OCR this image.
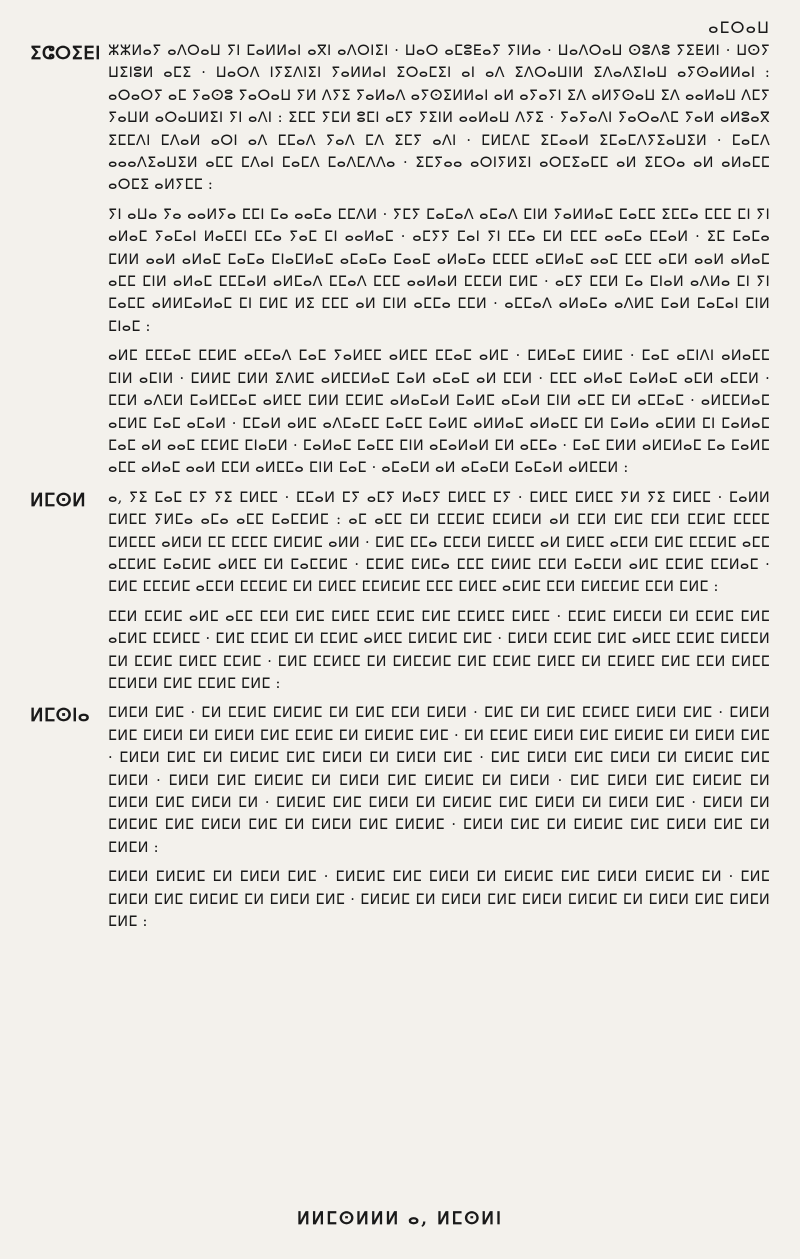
ⴰⵎⵔⴰⵡ
ⵉⵛⵔⵉⴹⵏ ⵣⵣⵍⴰⵢ ⴰⴷⵔⴰⵡ ⵢⵏ ⵎⴰⵍⵍⴰⵏ ⴰⴳⵏ ⴰⴷⵔⵏⵉⵏ · ⵡⴰⵔ ⴰⵎⵓⴹⴰⵢ ⵢⵏⵍⴰ · ⵡⴰⴷⵔⴰⵡ ⵙⵓⴷⵓ ⵢⵉⴹⵍⵏ · ⵡⵙⵢ ⵡⵉⵏⵓⵍ ⴰⵎⵉ · ⵡⴰⵔⴷ ⵏⵢⵉⴷⵏⵉⵏ ⵢⴰⵍⵍⴰⵏ ⵉⵔⴰⵎⵉⵏ ⴰⵏ ⴰⴷ ⵉⴷⵔⴰⵡⵏⵍ ⵉⴷⴰⴷⵉⵏⴰⵡ ⴰⵢⵙⴰⵍⵍⴰⵏ : ⴰⵔⴰⵔⵢ ⴰⵎ ⵢⴰⵙⵓ ⵢⴰⵔⴰⵡ ⵢⵍ ⴷⵢⵉ ⵢⴰⵍⴰⴷ ⴰⵢⵙⵉⵍⵍⴰⵏ ⴰⵍ ⴰⵢⴰⵢⵏ ⵉⴷ ⴰⵍⵢⵙⴰⵡ ⵉⴷ ⴰⴰⵍⴰⵡ ⴷⵎⵢ ⵢⴰⵡⵍ ⴰⵔⴰⵡⵍⵉⵏ ⵢⵏ ⴰⴷⵏ : ⵉⵎⵎ ⵢⵎⵍ ⵓⵎⵏ ⴰⵎⵢ ⵢⵉⵏⵍ ⴰⴰⵍⴰⵡ ⴷⵢⵉ · ⵢⴰⵢⴰⴷⵏ ⵢⴰⵔⴰⴷⵎ ⵢⴰⵍ ⴰⵍⵓⴰⴳ ⵉⵎⵎⴷⵏ ⵎⴷⴰⵍ ⴰⵔⵏ ⴰⴷ ⵎⵎⴰⴷ ⵢⴰⴷ ⵎⴷ ⵉⵎⵢ ⴰⴷⵏ · ⵎⵍⵎⴷⵎ ⵉⵎⴰⴰⵍ ⵉⵎⴰⵎⴷⵢⵉⴰⵡⵉⵍ · ⵎⴰⵎⴷ ⴰⴰⴰⴷⵉⴰⵡⵉⵍ ⴰⵎⵎ ⵎⴷⴰⵏ ⵎⴰⵎⴷ ⵎⴰⴷⵎⴷⴷⴰ · ⵉⵎⵢⴰⴰ ⴰⵔⵏⵢⵍⵉⵏ ⴰⵔⵎⵉⴰⵎⵎ ⴰⵍ ⵉⵎⵔⴰ ⴰⵍ ⴰⵍⴰⵎⵎ ⴰⵔⵎⵉ ⴰⵍⵢⵎⵎ :

ⵢⵏ ⴰⵡⴰ ⵢⴰ ⴰⴰⵍⵢⴰ ⵎⵎⵏ ⵎⴰ ⴰⴰⵎⴰ ⵎⵎⴷⵍ · ⵢⵎⵢ ⵎⴰⵎⴰⴷ ⴰⵎⴰⴷ ⵎⵏⵍ ⵢⴰⵍⵍⴰⵎ ⵎⴰⵎⵎ ⵉⵎⵎⴰ ⵎⵎⵎ ⵎⵏ ⵢⵏ ⴰⵍⴰⵎ ⵢⴰⵎⴰⵏ ⵍⴰⵎⵎⵏ ⵎⵎⴰ ⵢⴰⵎ ⵎⵏ ⴰⴰⵍⴰⵎ · ⴰⵎⵢⵢ ⵎⴰⵏ ⵢⵏ ⵎⵎⴰ ⵎⵍ ⵎⵎⵎ ⴰⴰⵎⴰ ⵎⵎⴰⵍ · ⵉⵎ ⵎⴰⵎⴰ ⵎⵍⵍ ⴰⴰⵍ ⴰⵍⴰⵎ ⵎⴰⵎⴰ ⵎⵏⴰⵎⵍⴰⵎ ⴰⵎⴰⵎⴰ ⵎⴰⴰⵎ ⴰⵍⴰⵎⴰ ⵎⵎⵎⵎ ⴰⵎⵍⴰⵎ ⴰⴰⵎ ⵎⵎⵎ ⴰⵎⵍ ⴰⴰⵍ ⴰⵍⴰⵎ ⴰⵎⵎ ⵎⵏⵍ ⴰⵍⴰⵎ ⵎⵎⵎⴰⵍ ⴰⵍⵎⴰⴷ ⵎⵎⴰⴷ ⵎⵎⵎ ⴰⴰⵍⴰⵍ ⵎⵎⵎⵍ ⵎⵍⵎ · ⴰⵎⵢ ⵎⵎⵍ ⵎⴰ ⵎⵏⴰⵍ ⴰⴷⵍⴰ ⵎⵏ ⵢⵏ ⵎⴰⵎⵎ ⴰⵍⵍⵎⴰⵍⴰⵎ ⵎⵏ ⵎⵍⵎ ⵍⵉ ⵎⵎⵎ ⴰⵍ ⵎⵏⵍ ⴰⵎⵎⴰ ⵎⵎⵍ · ⴰⵎⵎⴰⴷ ⴰⵍⴰⵎⴰ ⴰⴷⵍⵎ ⵎⴰⵍ ⵎⴰⵎⴰⵏ ⵎⵏⵍ ⵎⵏⴰⵎ :

ⴰⵍⵎ ⵎⵎⵎⴰⵎ ⵎⵎⵍⵎ ⴰⵎⵎⴰⴷ ⵎⴰⵎ ⵢⴰⵍⵎⵎ ⴰⵍⵎⵎ ⵎⵎⴰⵎ ⴰⵍⵎ · ⵎⵍⵎⴰⵎ ⵎⵍⵍⵎ · ⵎⴰⵎ ⴰⵎⵏⴷⵏ ⴰⵍⴰⵎⵎ ⵎⵏⵍ ⴰⵎⵏⵍ · ⵎⵍⵍⵎ ⵎⵍⵍ ⵉⴷⵍⵎ ⴰⵍⵎⵎⵍⴰⵎ ⵎⴰⵍ ⴰⵎⴰⵎ ⴰⵍ ⵎⵎⵍ · ⵎⵎⵎ ⴰⵍⴰⵎ ⵎⴰⵍⴰⵎ ⴰⵎⵍ ⴰⵎⵎⵍ · ⵎⵎⵍ ⴰⴷⵎⵍ ⵎⴰⵍⵎⵎⴰⵎ ⴰⵍⵎⵎ ⵎⵍⵍ ⵎⵎⵍⵎ ⴰⵍⴰⵎⴰⵍ ⵎⴰⵍⵎ ⴰⵎⴰⵍ ⵎⵏⵍ ⴰⵎⵎ ⵎⵍ ⴰⵎⵎⴰⵎ · ⴰⵍⵎⵎⵍⴰⵎ ⴰⵎⵍⵎ ⵎⴰⵎ ⴰⵎⴰⵍ · ⵎⵎⴰⵍ ⴰⵍⵎ ⴰⴷⵎⴰⵎⵎ ⵎⴰⵎⵎ ⵎⴰⵍⵎ ⴰⵍⵍⴰⵎ ⴰⵍⴰⵎⵎ ⵎⵍ ⵎⴰⵍⴰ ⴰⵎⵍⵍ ⵎⵏ ⵎⴰⵍⴰⵎ ⵎⴰⵎ ⴰⵍ ⴰⴰⵎ ⵎⵎⵍⵎ ⵎⵏⴰⵎⵍ · ⵎⴰⵍⴰⵎ ⵎⴰⵎⵎ ⵎⵏⵍ ⴰⵎⴰⵍⴰⵍ ⵎⵍ ⴰⵎⵎⴰ · ⵎⴰⵎ ⵎⵍⵍ ⴰⵍⵎⵍⴰⵎ ⵎⴰ ⵎⴰⵍⵎ ⴰⵎⵎ ⴰⵍⴰⵎ ⴰⴰⵍ ⵎⵎⵍ ⴰⵍⵎⵎⴰ ⵎⵏⵍ ⵎⴰⵎ · ⴰⵎⴰⵎⵍ ⴰⵍ ⴰⵎⴰⵎⵍ ⵎⴰⵎⴰⵍ ⴰⵍⵎⵎⵍ :

ⵍⵎⵙⵍ	ⴰ, ⵢⵉ ⵎⴰⵎ ⵎⵢ ⵢⵉ ⵎⵍⵎⵎ · ⵎⵎⴰⵍ ⵎⵢ ⴰⵎⵢ ⵍⴰⵎⵢ ⵎⵍⵎⵎ ⵎⵢ · ⵎⵍⵎⵎ ⵎⵍⵎⵎ ⵢⵍ ⵢⵉ ⵎⵍⵎⵎ · ⵎⴰⵍⵍ ⵎⵍⵎⵎ ⵢⵍⵎⴰ ⴰⵎⴰ ⴰⵎⵎ ⵎⴰⵎⵎⵍⵎ : ⴰⵎ ⴰⵎⵎ ⵎⵍ ⵎⵎⵎⵍⵎ ⵎⵎⵍⵎⵍ ⴰⵍ ⵎⵎⵍ ⵎⵍⵎ ⵎⵎⵍ ⵎⵎⵍⵎ ⵎⵎⵎⵎ ⵎⵍⵎⵎⵎ ⴰⵍⵎⵍ ⵎⵎ ⵎⵎⵎⵎ ⵎⵍⵎⵍⵎ ⴰⵍⵍ · ⵎⵍⵎ ⵎⵎⴰ ⵎⵎⵎⵍ ⵎⵍⵎⵎⵎ ⴰⵍ ⵎⵍⵎⵎ ⴰⵎⵎⵍ ⵎⵍⵎ ⵎⵎⵎⵍⵎ ⴰⵎⵎ ⴰⵎⵎⵍⵎ ⵎⴰⵎⵍⵎ ⴰⵍⵎⵎ ⵎⵍ ⵎⴰⵎⵎⵍⵎ · ⵎⵎⵍⵎ ⵎⵍⵎⴰ ⵎⵎⵎ ⵎⵍⵍⵎ ⵎⵎⵍ ⵎⴰⵎⵎⵍ ⴰⵍⵎ ⵎⵎⵍⵎ ⵎⵎⵍⴰⵎ · ⵎⵍⵎ ⵎⵎⵎⵍⵎ ⴰⵎⵎⵍ ⵎⵎⵎⵍⵎ ⵎⵍ ⵎⵍⵎⵎ ⵎⵎⵍⵎⵍⵎ ⵎⵎⵎ ⵎⵍⵎⵎ ⴰⵎⵍⵎ ⵎⵎⵍ ⵎⵍⵎⵎⵍⵎ ⵎⵎⵍ ⵎⵍⵎ :

ⵎⵎⵍ ⵎⵎⵍⵎ ⴰⵍⵎ ⴰⵎⵎ ⵎⵎⵍ ⵎⵍⵎ ⵎⵍⵎⵎ ⵎⵎⵍⵎ ⵎⵍⵎ ⵎⵎⵍⵎⵎ ⵎⵍⵎⵎ · ⵎⵎⵍⵎ ⵎⵍⵎⵎⵍ ⵎⵍ ⵎⵎⵍⵎ ⵎⵍⵎ ⴰⵎⵍⵎ ⵎⵎⵍⵎⵎ · ⵎⵍⵎ ⵎⵎⵍⵎ ⵎⵍ ⵎⵎⵍⵎ ⴰⵍⵎⵎ ⵎⵍⵎⵍⵎ ⵎⵍⵎ · ⵎⵍⵎⵍ ⵎⵎⵍⵎ ⵎⵍⵎ ⴰⵍⵎⵎ ⵎⵎⵍⵎ ⵎⵍⵎⵎⵍ ⵎⵍ ⵎⵎⵍⵎ ⵎⵍⵎⵎ ⵎⵎⵍⵎ · ⵎⵍⵎ ⵎⵎⵍⵎⵎ ⵎⵍ ⵎⵍⵎⵎⵍⵎ ⵎⵍⵎ ⵎⵎⵍⵎ ⵎⵍⵎⵎ ⵎⵍ ⵎⵎⵍⵎⵎ ⵎⵍⵎ ⵎⵎⵍ ⵎⵍⵎⵎ ⵎⵎⵍⵎⵍ ⵎⵍⵎ ⵎⵎⵍⵎ ⵎⵍⵎ :

ⵍⵎⵙⵏⴰ	ⵎⵍⵎⵍ ⵎⵍⵎ · ⵎⵍ ⵎⵎⵍⵎ ⵎⵍⵎⵍⵎ ⵎⵍ ⵎⵍⵎ ⵎⵎⵍ ⵎⵍⵎⵍ · ⵎⵍⵎ ⵎⵍ ⵎⵍⵎ ⵎⵎⵍⵎⵎ ⵎⵍⵎⵍ ⵎⵍⵎ · ⵎⵍⵎⵍ ⵎⵍⵎ ⵎⵍⵎⵍ ⵎⵍ ⵎⵍⵎⵍ ⵎⵍⵎ ⵎⵎⵍⵎ ⵎⵍ ⵎⵍⵎⵍⵎ ⵎⵍⵎ · ⵎⵍ ⵎⵎⵍⵎ ⵎⵍⵎⵍ ⵎⵍⵎ ⵎⵍⵎⵍⵎ ⵎⵍ ⵎⵍⵎⵍ ⵎⵍⵎ · ⵎⵍⵎⵍ ⵎⵍⵎ ⵎⵍ ⵎⵍⵎⵍⵎ ⵎⵍⵎ ⵎⵍⵎⵍ ⵎⵍ ⵎⵍⵎⵍ ⵎⵍⵎ · ⵎⵍⵎ ⵎⵍⵎⵍ ⵎⵍⵎ ⵎⵍⵎⵍ ⵎⵍ ⵎⵍⵎⵍⵎ ⵎⵍⵎ ⵎⵍⵎⵍ · ⵎⵍⵎⵍ ⵎⵍⵎ ⵎⵍⵎⵍⵎ ⵎⵍ ⵎⵍⵎⵍ ⵎⵍⵎ ⵎⵍⵎⵍⵎ ⵎⵍ ⵎⵍⵎⵍ · ⵎⵍⵎ ⵎⵍⵎⵍ ⵎⵍⵎ ⵎⵍⵎⵍⵎ ⵎⵍ ⵎⵍⵎⵍ ⵎⵍⵎ ⵎⵍⵎⵍ ⵎⵍ · ⵎⵍⵎⵍⵎ ⵎⵍⵎ ⵎⵍⵎⵍ ⵎⵍ ⵎⵍⵎⵍⵎ ⵎⵍⵎ ⵎⵍⵎⵍ ⵎⵍ ⵎⵍⵎⵍ ⵎⵍⵎ · ⵎⵍⵎⵍ ⵎⵍ ⵎⵍⵎⵍⵎ ⵎⵍⵎ ⵎⵍⵎⵍ ⵎⵍⵎ ⵎⵍ ⵎⵍⵎⵍ ⵎⵍⵎ ⵎⵍⵎⵍⵎ · ⵎⵍⵎⵍ ⵎⵍⵎ ⵎⵍ ⵎⵍⵎⵍⵎ ⵎⵍⵎ ⵎⵍⵎⵍ ⵎⵍⵎ ⵎⵍ ⵎⵍⵎⵍ :

ⵎⵍⵎⵍ ⵎⵍⵎⵍⵎ ⵎⵍ ⵎⵍⵎⵍ ⵎⵍⵎ · ⵎⵍⵎⵍⵎ ⵎⵍⵎ ⵎⵍⵎⵍ ⵎⵍ ⵎⵍⵎⵍⵎ ⵎⵍⵎ ⵎⵍⵎⵍ ⵎⵍⵎⵍⵎ ⵎⵍ · ⵎⵍⵎ ⵎⵍⵎⵍ ⵎⵍⵎ ⵎⵍⵎⵍⵎ ⵎⵍ ⵎⵍⵎⵍ ⵎⵍⵎ · ⵎⵍⵎⵍⵎ ⵎⵍ ⵎⵍⵎⵍ ⵎⵍⵎ ⵎⵍⵎⵍ ⵎⵍⵎⵍⵎ ⵎⵍ ⵎⵍⵎⵍ ⵎⵍⵎ ⵎⵍⵎⵍ ⵎⵍⵎ :

ⵍⵍⵎⵙⵍⵍⵍ ⴰ, ⵍⵎⵙⵍⵏ
